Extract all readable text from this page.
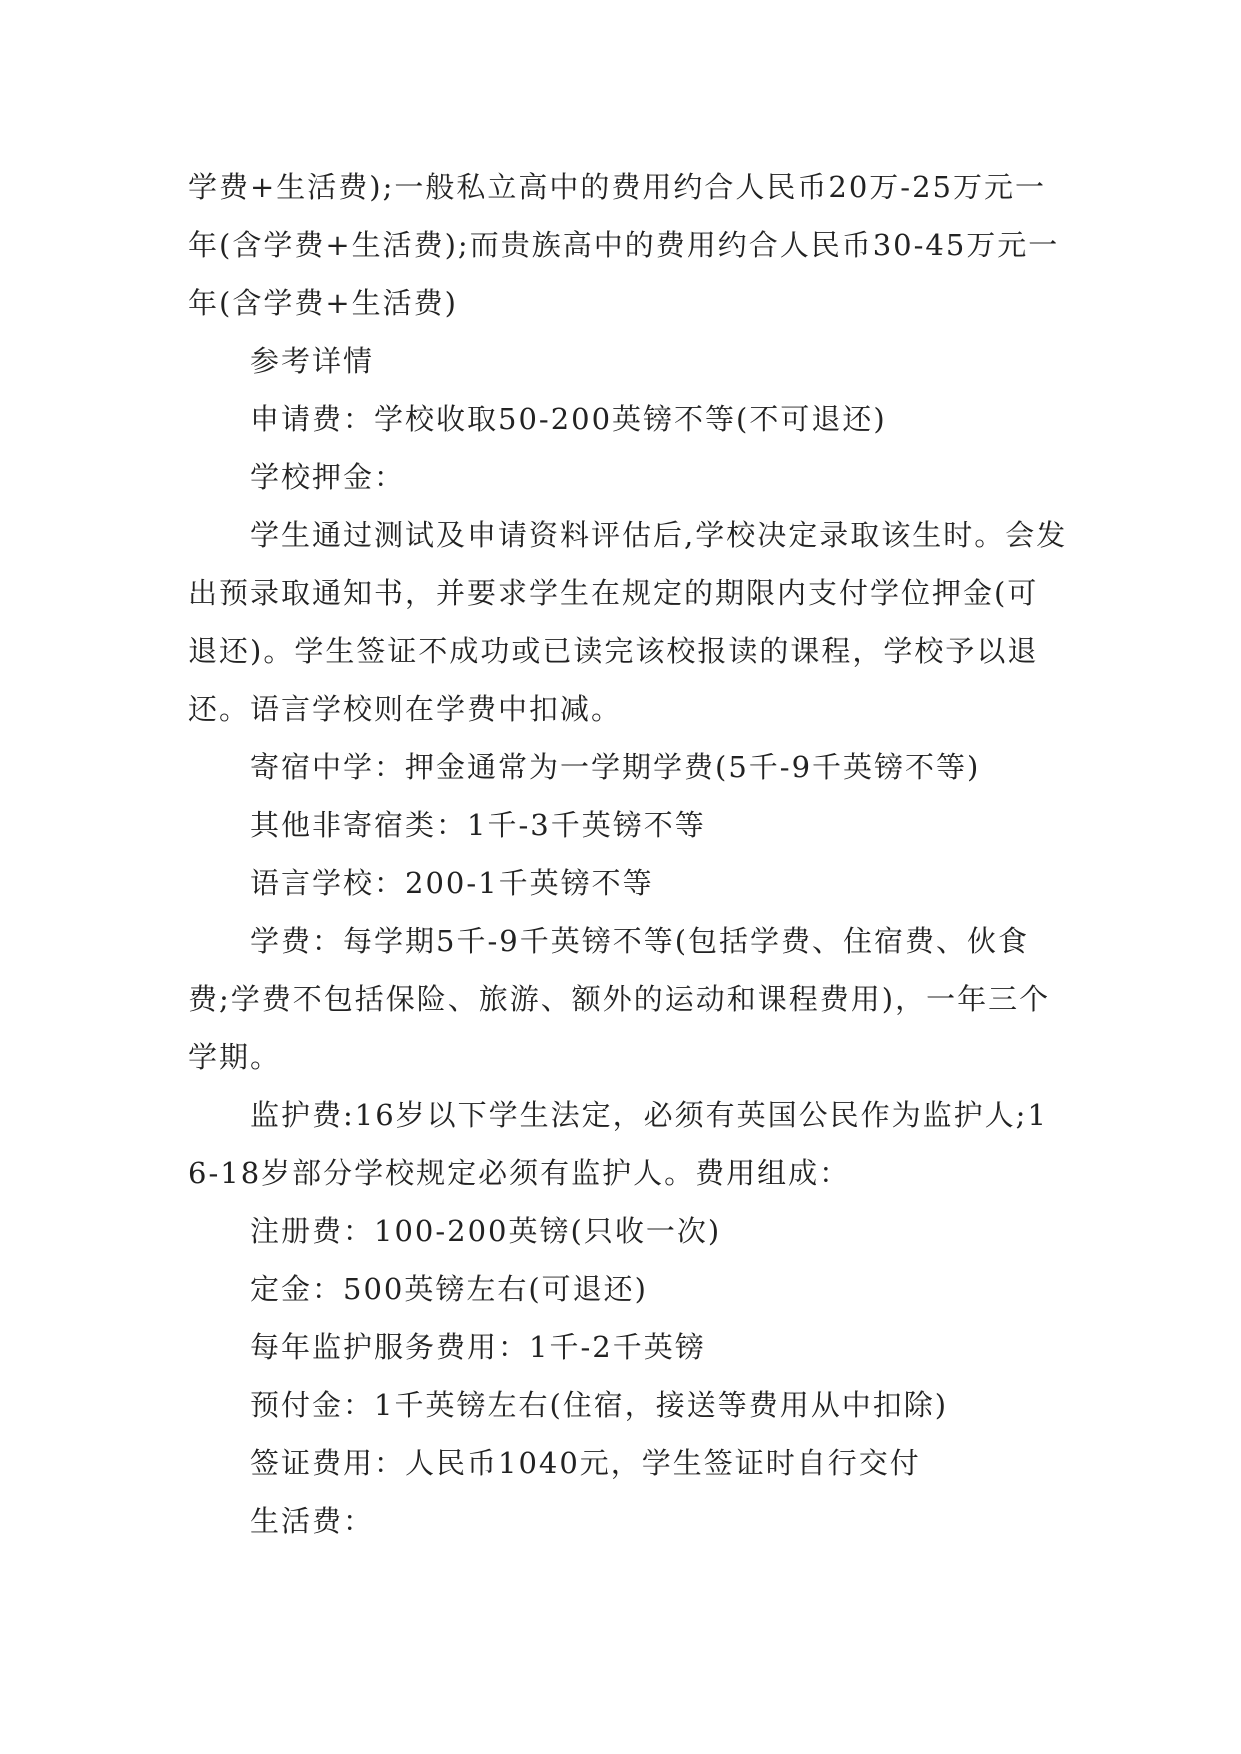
学费+生活费);一般私立高中的费用约合人民币20万-25万元一年(含学费+生活费);而贵族高中的费用约合人民币30-45万元一年(含学费+生活费)

参考详情

申请费：学校收取50-200英镑不等(不可退还)

学校押金：

学生通过测试及申请资料评估后,学校决定录取该生时。会发出预录取通知书，并要求学生在规定的期限内支付学位押金(可退还)。学生签证不成功或已读完该校报读的课程，学校予以退还。语言学校则在学费中扣减。

寄宿中学：押金通常为一学期学费(5千-9千英镑不等)

其他非寄宿类：1千-3千英镑不等

语言学校：200-1千英镑不等

学费：每学期5千-9千英镑不等(包括学费、住宿费、伙食费;学费不包括保险、旅游、额外的运动和课程费用)，一年三个学期。

监护费:16岁以下学生法定，必须有英国公民作为监护人;16-18岁部分学校规定必须有监护人。费用组成：

注册费：100-200英镑(只收一次)

定金：500英镑左右(可退还)

每年监护服务费用：1千-2千英镑

预付金：1千英镑左右(住宿，接送等费用从中扣除)

签证费用：人民币1040元，学生签证时自行交付

生活费：
